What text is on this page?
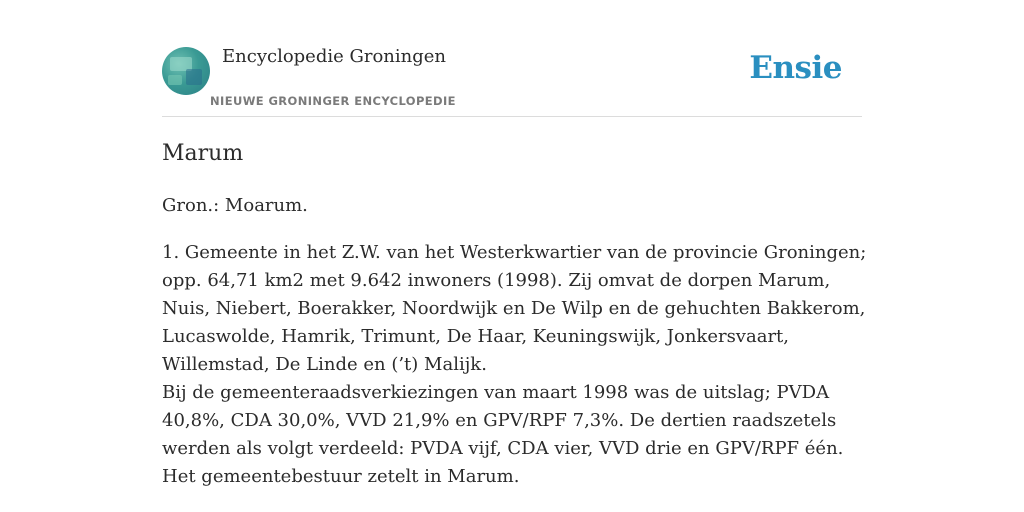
Encyclopedie Groningen
NIEUWE GRONINGER ENCYCLOPEDIE
Ensie
Marum

Gron.: Moarum.

1. Gemeente in het Z.W. van het Westerkwartier van de provincie Groningen; opp. 64,71 km2 met 9.642 inwoners (1998). Zij omvat de dorpen Marum, Nuis, Niebert, Boerakker, Noordwijk en De Wilp en de gehuchten Bakkerom, Lucaswolde, Hamrik, Trimunt, De Haar, Keuningswijk, Jonkersvaart, Willemstad, De Linde en (’t) Malijk.

Bij de gemeenteraadsverkiezingen van maart 1998 was de uitslag; PVDA 40,8%, CDA 30,0%, VVD 21,9% en GPV/RPF 7,3%. De dertien raadszetels werden als volgt verdeeld: PVDA vijf, CDA vier, VVD drie en GPV/RPF één. Het gemeentebestuur zetelt in Marum.
